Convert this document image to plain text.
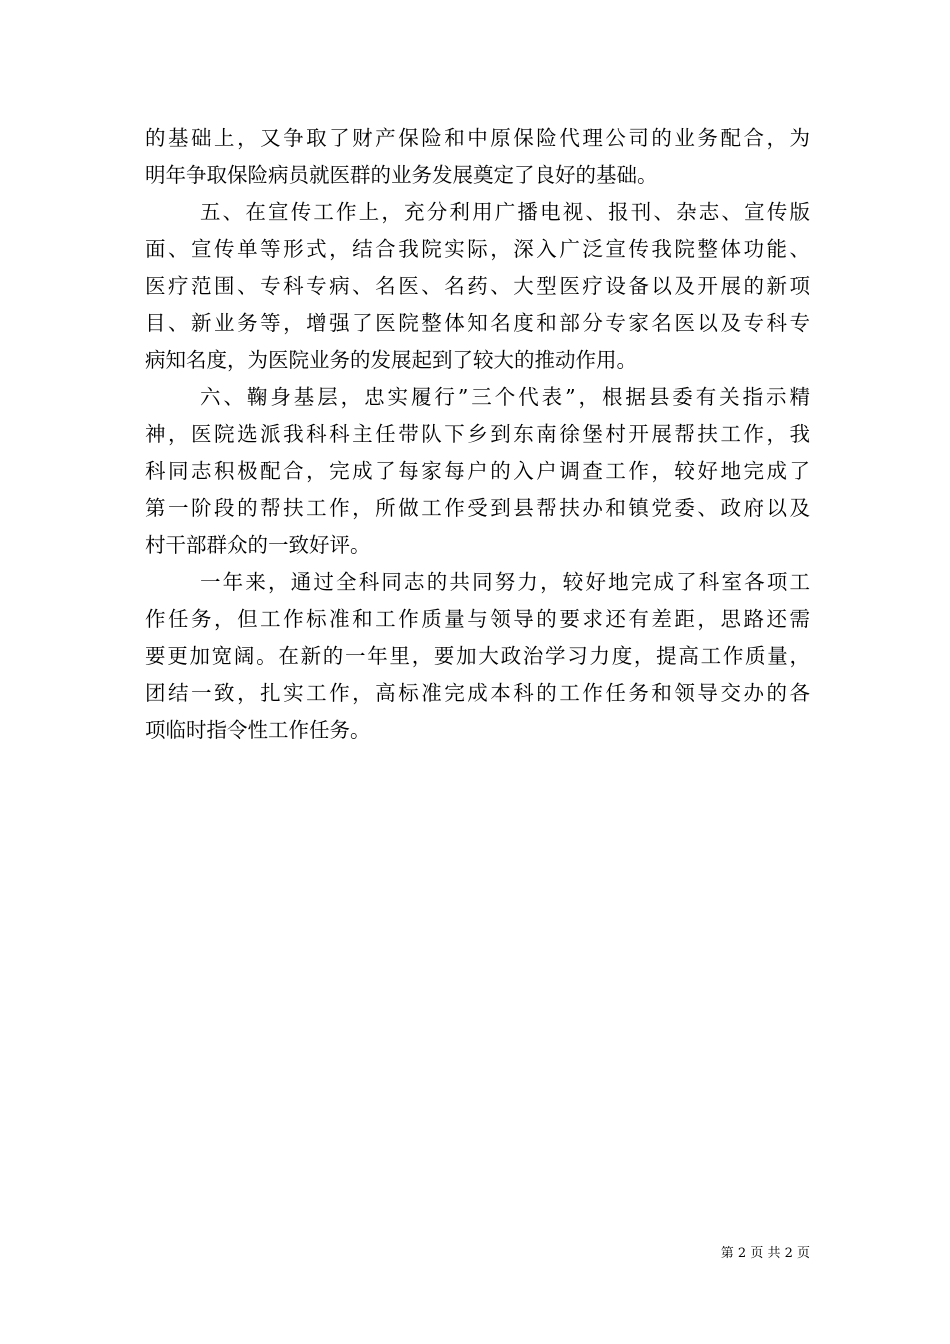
的基础上，又争取了财产保险和中原保险代理公司的业务配合，为
明年争取保险病员就医群的业务发展奠定了良好的基础。
五、在宣传工作上，充分利用广播电视、报刊、杂志、宣传版
面、宣传单等形式，结合我院实际，深入广泛宣传我院整体功能、
医疗范围、专科专病、名医、名药、大型医疗设备以及开展的新项
目、新业务等，增强了医院整体知名度和部分专家名医以及专科专
病知名度，为医院业务的发展起到了较大的推动作用。
六、鞠身基层，忠实履行”三个代表”，根据县委有关指示精
神，医院选派我科科主任带队下乡到东南徐堡村开展帮扶工作，我
科同志积极配合，完成了每家每户的入户调查工作，较好地完成了
第一阶段的帮扶工作，所做工作受到县帮扶办和镇党委、政府以及
村干部群众的一致好评。
一年来，通过全科同志的共同努力，较好地完成了科室各项工
作任务，但工作标准和工作质量与领导的要求还有差距，思路还需
要更加宽阔。在新的一年里，要加大政治学习力度，提高工作质量，
团结一致，扎实工作，高标准完成本科的工作任务和领导交办的各
项临时指令性工作任务。
第 2 页 共 2 页
